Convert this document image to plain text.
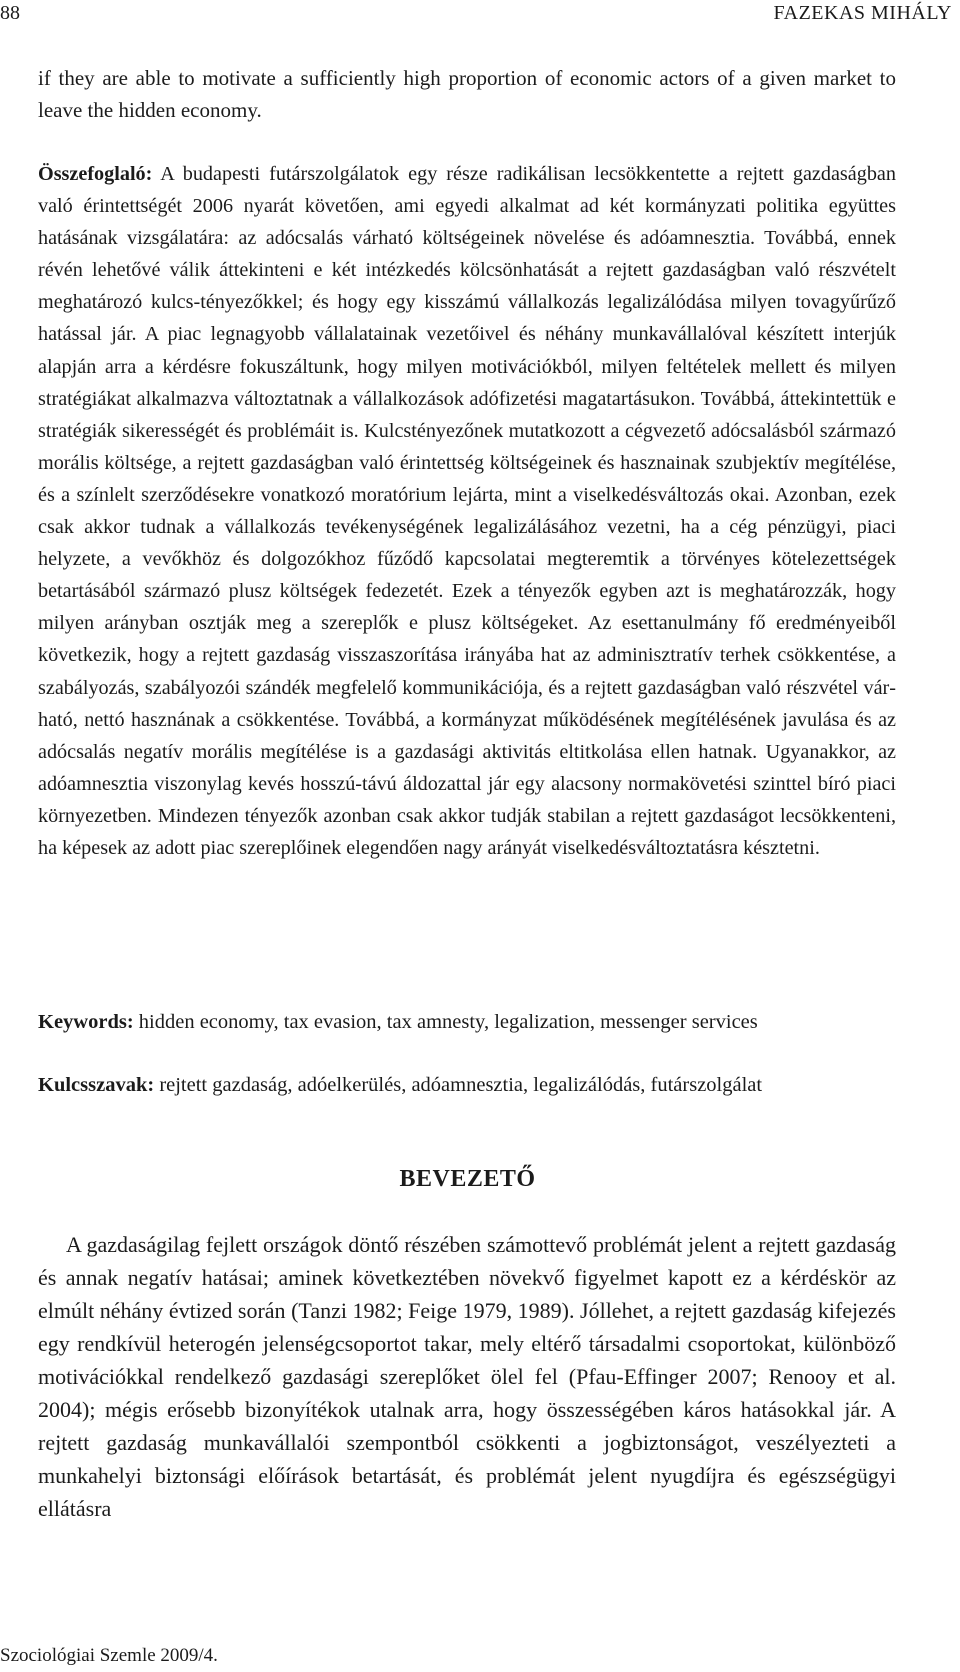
88	FAZEKAS MIHÁLY

if they are able to motivate a sufficiently high proportion of economic actors of a given market to leave the hidden economy.

Összefoglaló: A budapesti futárszolgálatok egy része radikálisan lecsökkentette a rejtett gazdaságban való érintettségét 2006 nyarát követően, ami egyedi alkalmat ad két kormányzati politika együttes hatásának vizsgálatára: az adócsalás várható költségeinek növelése és adóamnesztia. Továbbá, ennek révén lehetővé válik áttekinteni e két intézkedés kölcsönhatását a rejtett gazdaságban való részvételt meghatározó kulcs-tényezőkkel; és hogy egy kisszámú vállalkozás legalizálódása milyen tovagyűrűző hatással jár. A piac legnagyobb vállalatainak vezetőivel és néhány munkavállalóval készített interjúk alapján arra a kérdésre fokuszáltunk, hogy milyen motivációkból, milyen feltételek mellett és milyen stratégiákat alkalmazva változtatnak a vállalkozások adófizetési magatartásukon. Továbbá, áttekintettük e stratégiák sikerességét és problémáit is. Kulcstényezőnek mutatkozott a cégvezető adócsalásból származó morális költsége, a rejtett gazdaságban való érintettség költségeinek és hasznainak szubjektív megítélése, és a színlelt szerződésekre vonatkozó moratórium lejárta, mint a viselkedésváltozás okai. Azonban, ezek csak akkor tudnak a vállalkozás tevékenységének legalizálásához vezetni, ha a cég pénzügyi, piaci helyzete, a vevőkhöz és dolgozókhoz fűződő kapcsolatai megteremtik a törvényes kötelezettségek betartásából származó plusz költségek fedezetét. Ezek a tényezők egyben azt is meghatározzák, hogy milyen arányban osztják meg a szereplők e plusz költségeket. Az esettanulmány fő eredményeiből következik, hogy a rejtett gazdaság visszaszorítása irányába hat az adminisztratív terhek csökkentése, a szabályozás, szabályozói szándék megfelelő kommunikációja, és a rejtett gazdaságban való részvétel várható, nettó hasznának a csökkentése. Továbbá, a kormányzat működésének megítélésének javulása és az adócsalás negatív morális megítélése is a gazdasági aktivitás eltitkolása ellen hatnak. Ugyanakkor, az adóamnesztia viszonylag kevés hosszú-távú áldozattal jár egy alacsony normakövetési szinttel bíró piaci környezetben. Mindezen tényezők azonban csak akkor tudják stabilan a rejtett gazdaságot lecsökkenteni, ha képesek az adott piac szereplőinek elegendően nagy arányát viselkedésváltoztatásra késztetni.

Keywords: hidden economy, tax evasion, tax amnesty, legalization, messenger services

Kulcsszavak: rejtett gazdaság, adóelkerülés, adóamnesztia, legalizálódás, futárszolgálat

BEVEZETŐ

A gazdaságilag fejlett országok döntő részében számottevő problémát jelent a rejtett gazdaság és annak negatív hatásai; aminek következtében növekvő figyelmet kapott ez a kérdéskör az elmúlt néhány évtized során (Tanzi 1982; Feige 1979, 1989). Jóllehet, a rejtett gazdaság kifejezés egy rendkívül heterogén jelenségcsoportot takar, mely eltérő társadalmi csoportokat, különböző motivációkkal rendelkező gazdasági szereplőket ölel fel (Pfau-Effinger 2007; Renooy et al. 2004); mégis erősebb bizonyítékok utalnak arra, hogy összességében káros hatásokkal jár. A rejtett gazdaság munkavállalói szempontból csökkenti a jogbiztonságot, veszélyezteti a munkahelyi biztonsági előírások betartását, és problémát jelent nyugdíjra és egészségügyi ellátásra

Szociológiai Szemle 2009/4.
